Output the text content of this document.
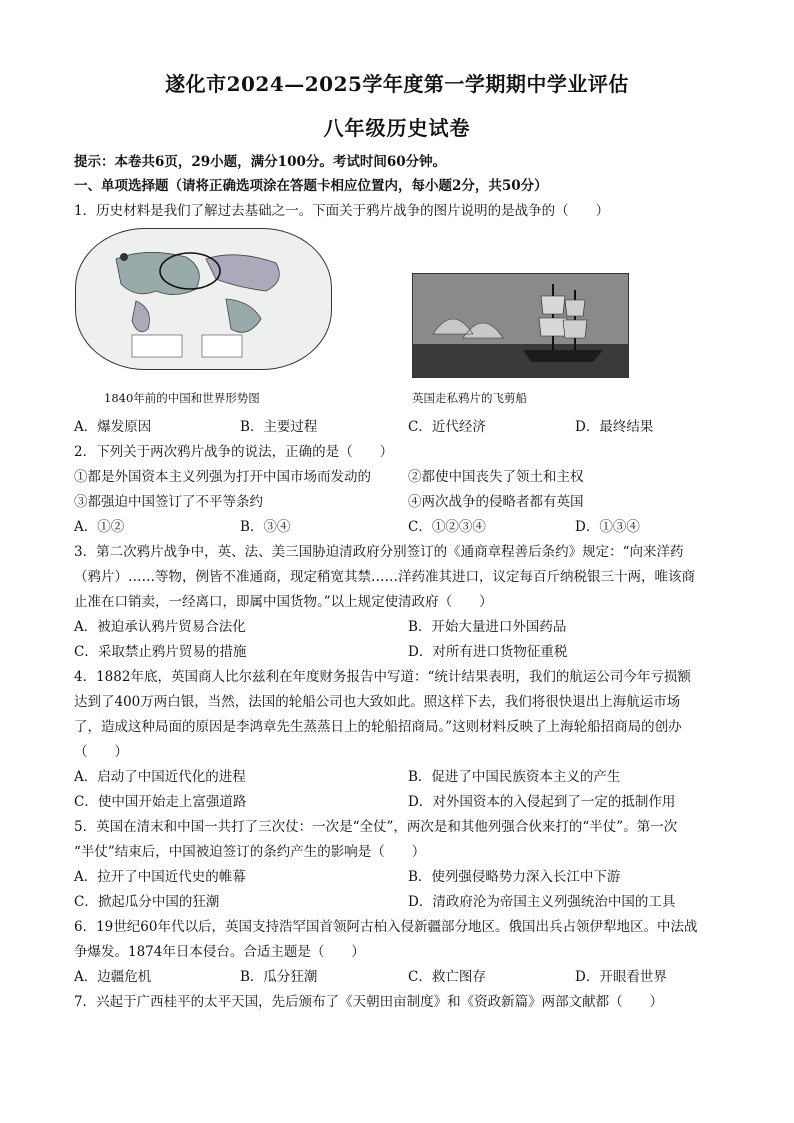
遂化市2024—2025学年度第一学期期中学业评估
八年级历史试卷
提示：本卷共6页，29小题，满分100分。考试时间60分钟。
一、单项选择题（请将正确选项涂在答题卡相应位置内，每小题2分，共50分）
1．历史材料是我们了解过去基础之一。下面关于鸦片战争的图片说明的是战争的（　　）
1840年前的中国和世界形势图	英国走私鸦片的飞剪船
A．爆发原因	B．主要过程	C．近代经济	D．最终结果
2．下列关于两次鸦片战争的说法，正确的是（　　）
①都是外国资本主义列强为打开中国市场而发动的	②都使中国丧失了领土和主权
③都强迫中国签订了不平等条约	④两次战争的侵略者都有英国
A．①②	B．③④	C．①②③④	D．①③④
3．第二次鸦片战争中，英、法、美三国胁迫清政府分别签订的《通商章程善后条约》规定：“向来洋药
（鸦片）……等物，例皆不准通商，现定稍宽其禁……洋药准其进口，议定每百斤纳税银三十两，唯该商
止准在口销卖，一经离口，即属中国货物。”以上规定使清政府（　　）
A．被迫承认鸦片贸易合法化	B．开始大量进口外国药品
C．采取禁止鸦片贸易的措施	D．对所有进口货物征重税
4．1882年底，英国商人比尔兹利在年度财务报告中写道：“统计结果表明，我们的航运公司今年亏损额
达到了400万两白银，当然，法国的轮船公司也大致如此。照这样下去，我们将很快退出上海航运市场
了，造成这种局面的原因是李鸿章先生蒸蒸日上的轮船招商局。”这则材料反映了上海轮船招商局的创办
（　　）
A．启动了中国近代化的进程	B．促进了中国民族资本主义的产生
C．使中国开始走上富强道路	D．对外国资本的入侵起到了一定的抵制作用
5．英国在清末和中国一共打了三次仗：一次是“全仗”，两次是和其他列强合伙来打的“半仗”。第一次
“半仗”结束后，中国被迫签订的条约产生的影响是（　　）
A．拉开了中国近代史的帷幕	B．使列强侵略势力深入长江中下游
C．掀起瓜分中国的狂潮	D．清政府沦为帝国主义列强统治中国的工具
6．19世纪60年代以后，英国支持浩罕国首领阿古柏入侵新疆部分地区。俄国出兵占领伊犁地区。中法战
争爆发。1874年日本侵台。合适主题是（　　）
A．边疆危机	B．瓜分狂潮	C．救亡图存	D．开眼看世界
7．兴起于广西桂平的太平天国，先后颁布了《天朝田亩制度》和《资政新篇》两部文献都（　　）
